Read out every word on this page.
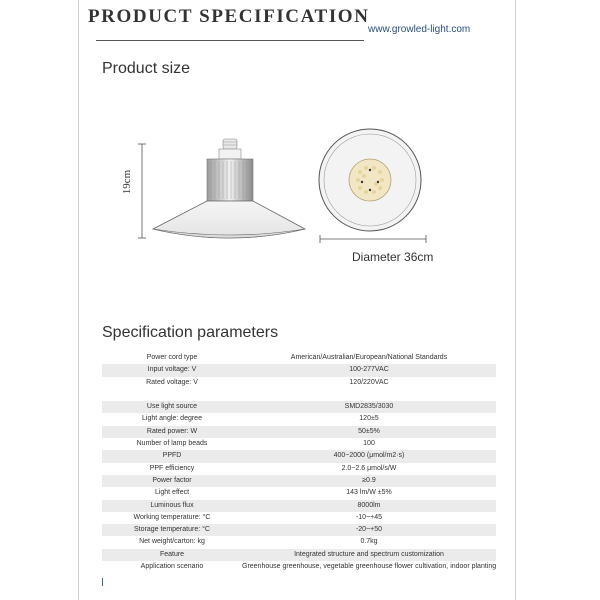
PRODUCT SPECIFICATION
www.growled-light.com
Product size
19cm
Diameter 36cm
Specification parameters
Power cord type	American/Australian/European/National Standards
Input voltage: V	100-277VAC
Rated voltage: V	120/220VAC

Use light source	SMD2835/3030
Light angle: degree	120±5
Rated power: W	50±5%
Number of lamp beads	100
PPFD	400~2000 (μmol/m2·s)
PPF efficiency	2.0~2.6 μmol/s/W
Power factor	≥0.9
Light effect	143 lm/W ±5%
Luminous flux	8000lm
Working temperature: °C	-10~+45
Storage temperature: °C	-20~+50
Net weight/carton: kg	0.7kg
Feature	Integrated structure and spectrum customization
Application scenario	Greenhouse greenhouse, vegetable greenhouse flower cultivation, indoor planting
